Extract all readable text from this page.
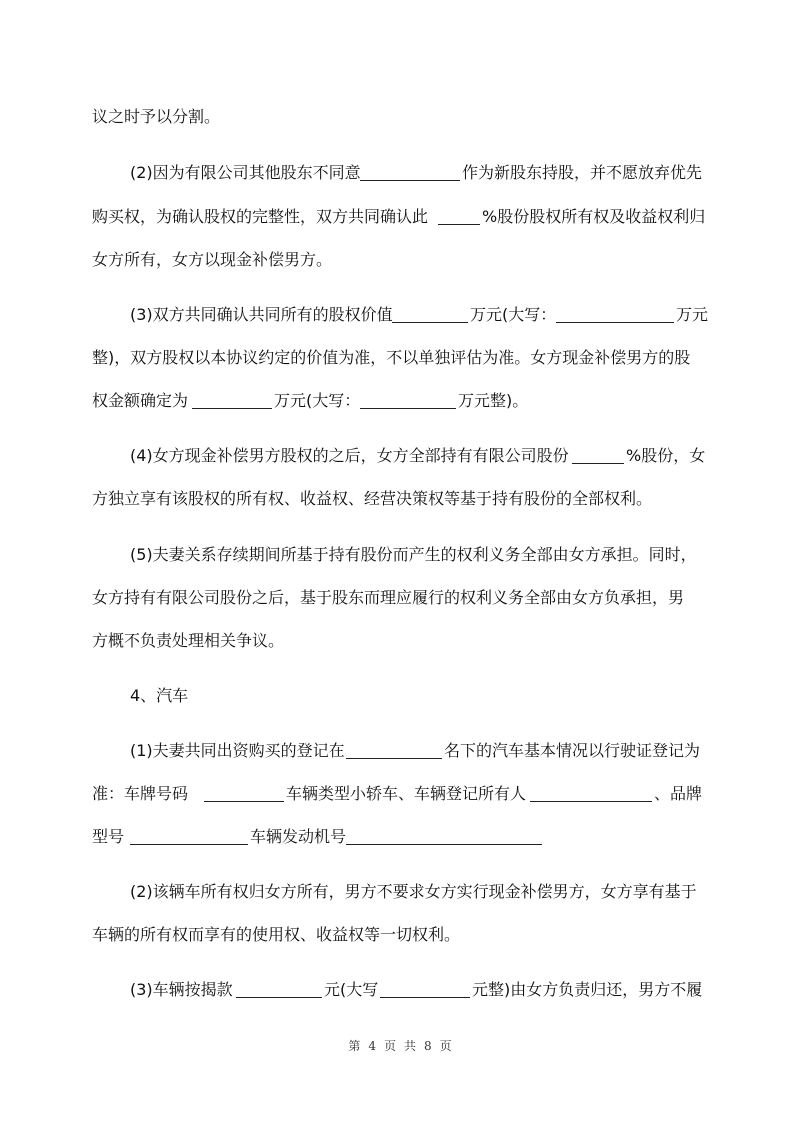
议之时予以分割。
(2)因为有限公司其他股东不同意	作为新股东持股，并不愿放弃优先
购买权，为确认股权的完整性，双方共同确认此	%股份股权所有权及收益权利归
女方所有，女方以现金补偿男方。
(3)双方共同确认共同所有的股权价值	万元(大写：	万元
整)，双方股权以本协议约定的价值为准，不以单独评估为准。女方现金补偿男方的股
权金额确定为	万元(大写：	万元整)。
(4)女方现金补偿男方股权的之后，女方全部持有有限公司股份	%股份，女
方独立享有该股权的所有权、收益权、经营决策权等基于持有股份的全部权利。
(5)夫妻关系存续期间所基于持有股份而产生的权利义务全部由女方承担。同时，
女方持有有限公司股份之后，基于股东而理应履行的权利义务全部由女方负承担，男
方概不负责处理相关争议。
4、汽车
(1)夫妻共同出资购买的登记在	名下的汽车基本情况以行驶证登记为
准：车牌号码	车辆类型小轿车、车辆登记所有人	、品牌
型号	车辆发动机号
(2)该辆车所有权归女方所有，男方不要求女方实行现金补偿男方，女方享有基于
车辆的所有权而享有的使用权、收益权等一切权利。
(3)车辆按揭款	元(大写	元整)由女方负责归还，男方不履
第 4 页 共 8 页
